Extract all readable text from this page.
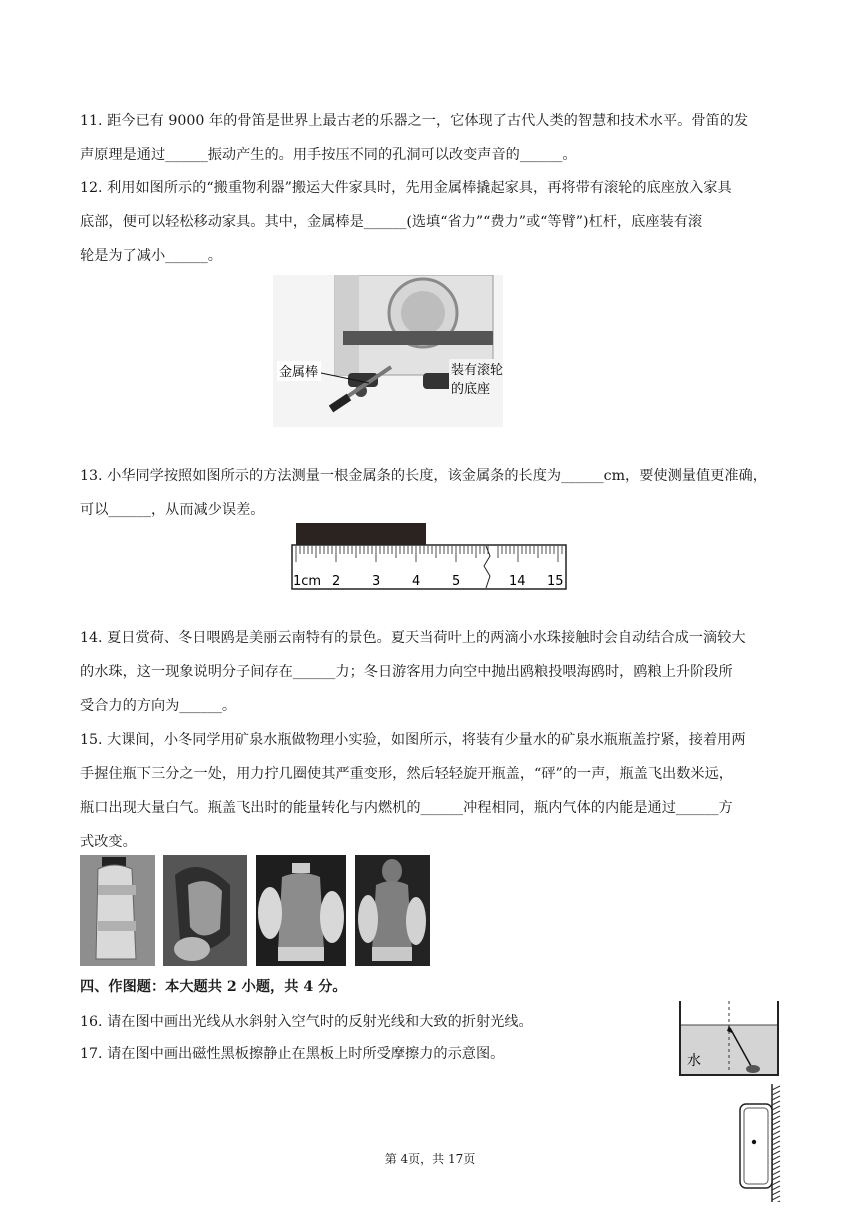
11. 距今已有 9000 年的骨笛是世界上最古老的乐器之一，它体现了古代人类的智慧和技术水平。骨笛的发
声原理是通过______振动产生的。用手按压不同的孔洞可以改变声音的______。
12. 利用如图所示的“搬重物利器”搬运大件家具时，先用金属棒撬起家具，再将带有滚轮的底座放入家具
底部，便可以轻松移动家具。其中，金属棒是______(选填“省力”“费力”或“等臂”)杠杆，底座装有滚
轮是为了减小______。
金属棒	装有滚轮
的底座
13. 小华同学按照如图所示的方法测量一根金属条的长度，该金属条的长度为______cm，要使测量值更准确，
可以______，从而减少误差。
1cm 2 3 4 5	14 15
14. 夏日赏荷、冬日喂鸥是美丽云南特有的景色。夏天当荷叶上的两滴小水珠接触时会自动结合成一滴较大
的水珠，这一现象说明分子间存在______力；冬日游客用力向空中抛出鸥粮投喂海鸥时，鸥粮上升阶段所
受合力的方向为______。
15. 大课间，小冬同学用矿泉水瓶做物理小实验，如图所示，将装有少量水的矿泉水瓶瓶盖拧紧，接着用两
手握住瓶下三分之一处，用力拧几圈使其严重变形，然后轻轻旋开瓶盖，“砰”的一声，瓶盖飞出数米远，
瓶口出现大量白气。瓶盖飞出时的能量转化与内燃机的______冲程相同，瓶内气体的内能是通过______方
式改变。
四、作图题：本大题共 2 小题，共 4 分。
16. 请在图中画出光线从水斜射入空气时的反射光线和大致的折射光线。
17. 请在图中画出磁性黑板擦静止在黑板上时所受摩擦力的示意图。	水
第 4页，共 17页
